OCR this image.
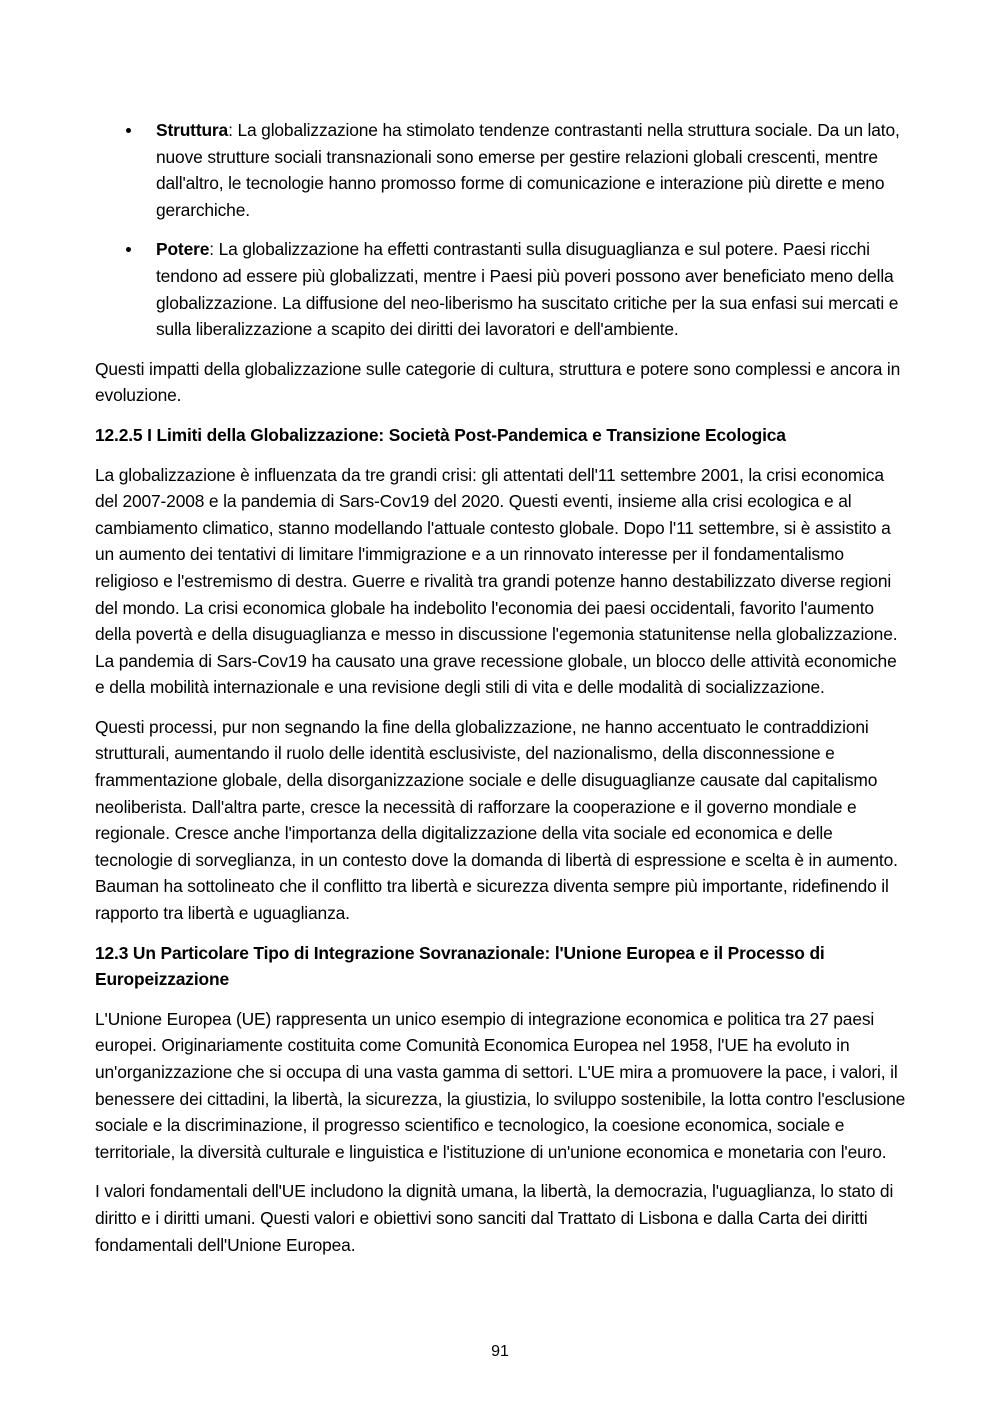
Struttura: La globalizzazione ha stimolato tendenze contrastanti nella struttura sociale. Da un lato, nuove strutture sociali transnazionali sono emerse per gestire relazioni globali crescenti, mentre dall'altro, le tecnologie hanno promosso forme di comunicazione e interazione più dirette e meno gerarchiche.
Potere: La globalizzazione ha effetti contrastanti sulla disuguaglianza e sul potere. Paesi ricchi tendono ad essere più globalizzati, mentre i Paesi più poveri possono aver beneficiato meno della globalizzazione. La diffusione del neo-liberismo ha suscitato critiche per la sua enfasi sui mercati e sulla liberalizzazione a scapito dei diritti dei lavoratori e dell'ambiente.

Questi impatti della globalizzazione sulle categorie di cultura, struttura e potere sono complessi e ancora in evoluzione.

12.2.5 I Limiti della Globalizzazione: Società Post-Pandemica e Transizione Ecologica

La globalizzazione è influenzata da tre grandi crisi: gli attentati dell'11 settembre 2001, la crisi economica del 2007-2008 e la pandemia di Sars-Cov19 del 2020. Questi eventi, insieme alla crisi ecologica e al cambiamento climatico, stanno modellando l'attuale contesto globale. Dopo l'11 settembre, si è assistito a un aumento dei tentativi di limitare l'immigrazione e a un rinnovato interesse per il fondamentalismo religioso e l'estremismo di destra. Guerre e rivalità tra grandi potenze hanno destabilizzato diverse regioni del mondo. La crisi economica globale ha indebolito l'economia dei paesi occidentali, favorito l'aumento della povertà e della disuguaglianza e messo in discussione l'egemonia statunitense nella globalizzazione. La pandemia di Sars-Cov19 ha causato una grave recessione globale, un blocco delle attività economiche e della mobilità internazionale e una revisione degli stili di vita e delle modalità di socializzazione.

Questi processi, pur non segnando la fine della globalizzazione, ne hanno accentuato le contraddizioni strutturali, aumentando il ruolo delle identità esclusiviste, del nazionalismo, della disconnessione e frammentazione globale, della disorganizzazione sociale e delle disuguaglianze causate dal capitalismo neoliberista. Dall'altra parte, cresce la necessità di rafforzare la cooperazione e il governo mondiale e regionale. Cresce anche l'importanza della digitalizzazione della vita sociale ed economica e delle tecnologie di sorveglianza, in un contesto dove la domanda di libertà di espressione e scelta è in aumento. Bauman ha sottolineato che il conflitto tra libertà e sicurezza diventa sempre più importante, ridefinendo il rapporto tra libertà e uguaglianza.

12.3 Un Particolare Tipo di Integrazione Sovranazionale: l'Unione Europea e il Processo di Europeizzazione

L'Unione Europea (UE) rappresenta un unico esempio di integrazione economica e politica tra 27 paesi europei. Originariamente costituita come Comunità Economica Europea nel 1958, l'UE ha evoluto in un'organizzazione che si occupa di una vasta gamma di settori. L'UE mira a promuovere la pace, i valori, il benessere dei cittadini, la libertà, la sicurezza, la giustizia, lo sviluppo sostenibile, la lotta contro l'esclusione sociale e la discriminazione, il progresso scientifico e tecnologico, la coesione economica, sociale e territoriale, la diversità culturale e linguistica e l'istituzione di un'unione economica e monetaria con l'euro.

I valori fondamentali dell'UE includono la dignità umana, la libertà, la democrazia, l'uguaglianza, lo stato di diritto e i diritti umani. Questi valori e obiettivi sono sanciti dal Trattato di Lisbona e dalla Carta dei diritti fondamentali dell'Unione Europea.

91
